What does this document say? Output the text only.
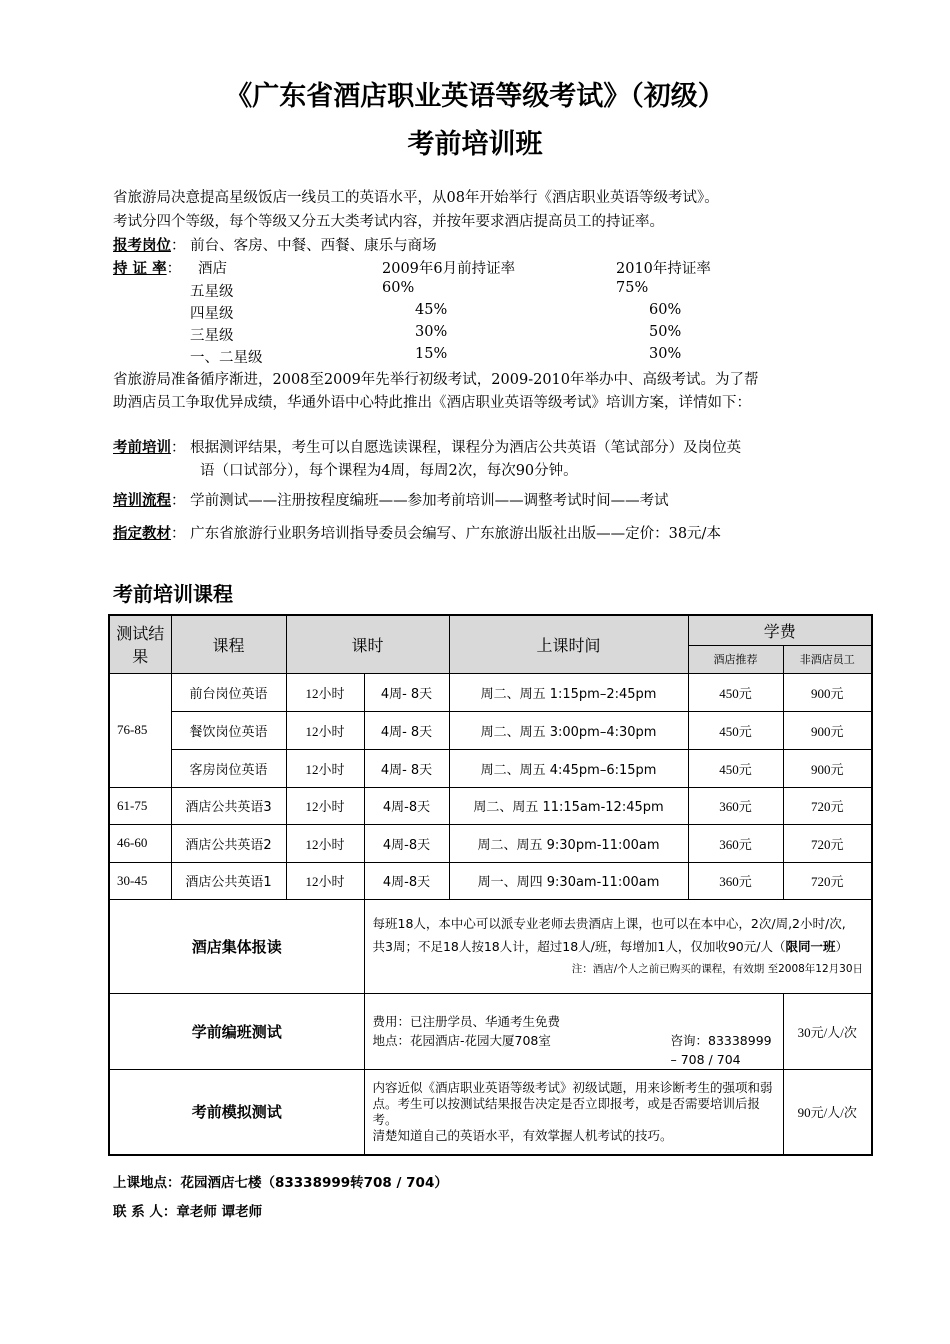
《广东省酒店职业英语等级考试》（初级）
考前培训班
省旅游局决意提高星级饭店一线员工的英语水平，从08年开始举行《酒店职业英语等级考试》。
考试分四个等级，每个等级又分五大类考试内容，并按年要求酒店提高员工的持证率。
报考岗位： 前台、客房、中餐、西餐、康乐与商场
持 证 率： 酒店	2009年6月前持证率	2010年持证率
五星级	60%	75%
四星级	45%	60%
三星级	30%	50%
一、二星级	15%	30%
省旅游局准备循序渐进，2008至2009年先举行初级考试，2009-2010年举办中、高级考试。为了帮
助酒店员工争取优异成绩，华通外语中心特此推出《酒店职业英语等级考试》培训方案，详情如下：
考前培训： 根据测评结果，考生可以自愿选读课程，课程分为酒店公共英语（笔试部分）及岗位英
语（口试部分），每个课程为4周，每周2次，每次90分钟。
培训流程： 学前测试——注册按程度编班——参加考前培训——调整考试时间——考试
指定教材： 广东省旅游行业职务培训指导委员会编写、广东旅游出版社出版——定价：38元/本
考前培训课程
测试结果	课程	课时		上课时间	学费	
					酒店推荐	非酒店员工
76-85	前台岗位英语	12小时	4周- 8天	周二、周五 1:15pm–2:45pm	450元	900元
	餐饮岗位英语	12小时	4周- 8天	周二、周五 3:00pm–4:30pm	450元	900元
	客房岗位英语	12小时	4周- 8天	周二、周五 4:45pm–6:15pm	450元	900元
61-75	酒店公共英语3	12小时	4周-8天	周二、周五 11:15am-12:45pm	360元	720元
46-60	酒店公共英语2	12小时	4周-8天	周二、周五 9:30pm-11:00am	360元	720元
30-45	酒店公共英语1	12小时	4周-8天	周一、周四 9:30am-11:00am	360元	720元
酒店集体报读			每班18人，本中心可以派专业老师去贵酒店上课，也可以在本中心，2次/周,2小时/次,
共3周；不足18人按18人计，超过18人/班，每增加1人，仅加收90元/人（限同一班）
注：酒店/个人之前已购买的课程，有效期 至2008年12月30日			

学前编班测试			费用：已注册学员、华通考生免费
地点：花园酒店-花园大厦708室 咨询：83338999 – 708 / 704			30元/人/次
考前模拟测试			内容近似《酒店职业英语等级考试》初级试题，用来诊断考生的强项和弱
点。考生可以按测试结果报告决定是否立即报考，或是否需要培训后报考。
清楚知道自己的英语水平，有效掌握人机考试的技巧。			90元/人/次
上课地点：花园酒店七楼（83338999转708 / 704）
联 系 人：章老师 谭老师
